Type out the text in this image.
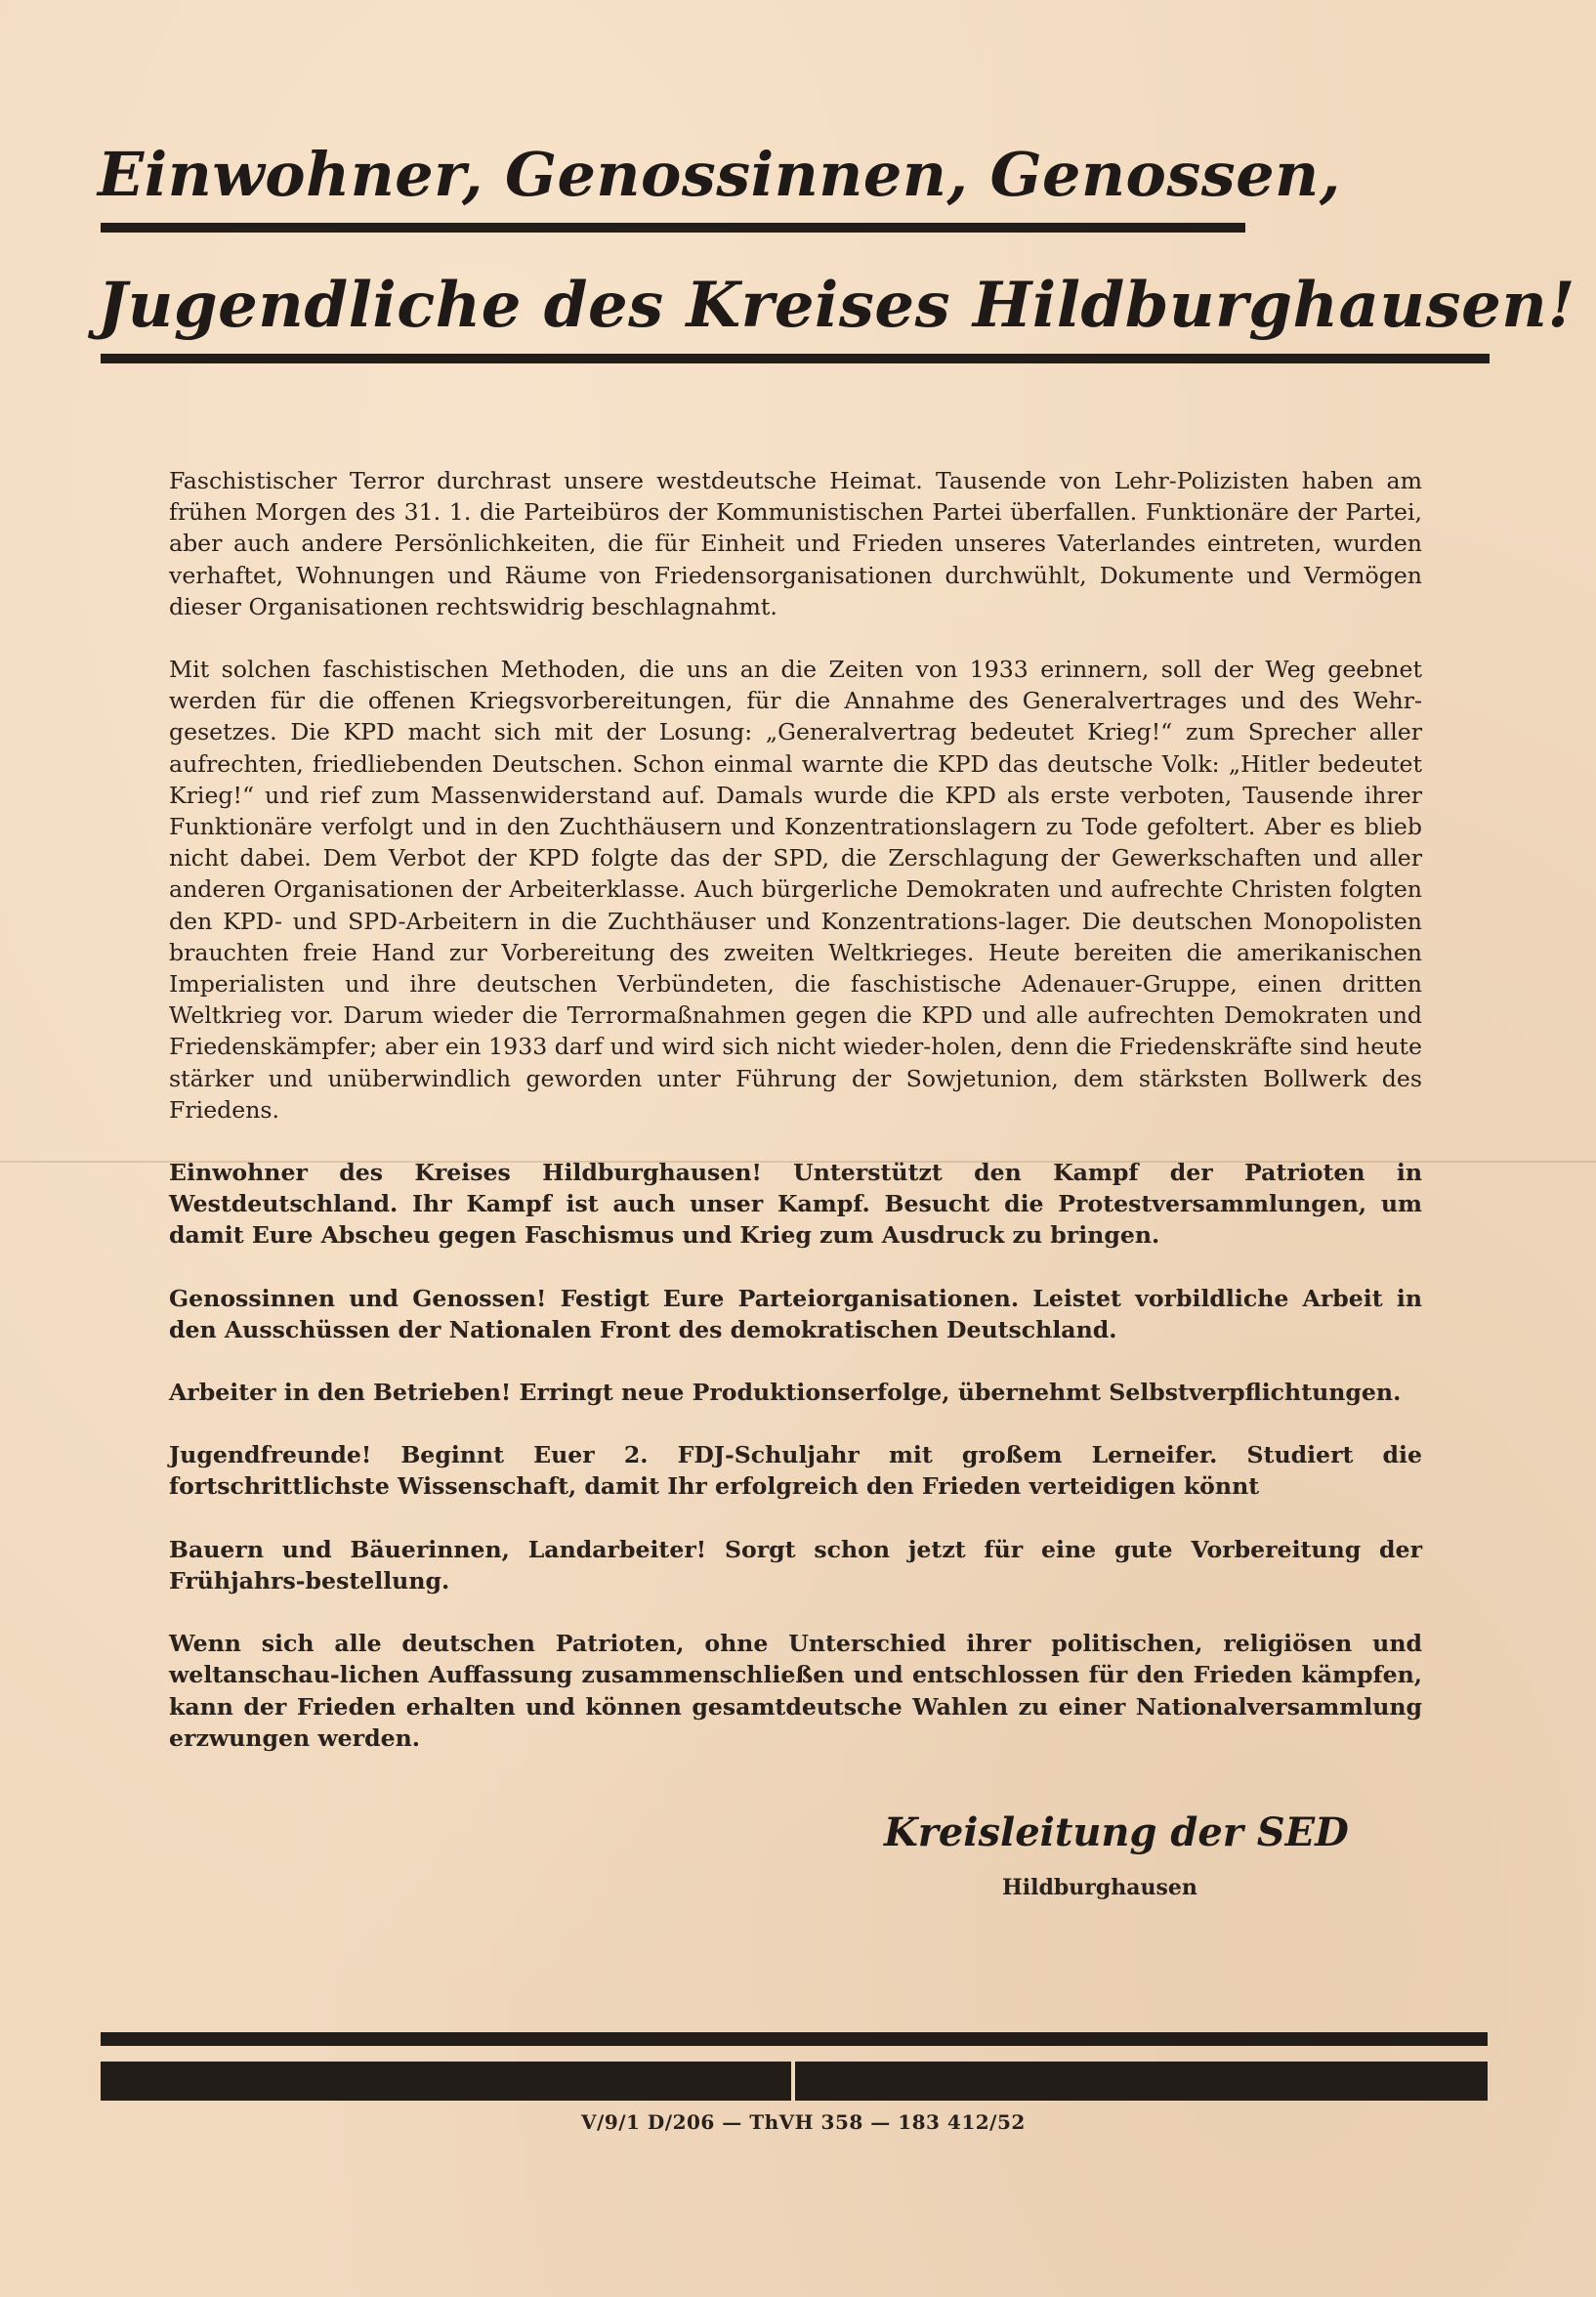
Einwohner, Genossinnen, Genossen,
Jugendliche des Kreises Hildburghausen!

Faschistischer Terror durchrast unsere westdeutsche Heimat. Tausende von Lehr-Polizisten haben am frühen Morgen des 31. 1. die Parteibüros der Kommunistischen Partei überfallen. Funktionäre der Partei, aber auch andere Persönlichkeiten, die für Einheit und Frieden unseres Vaterlandes eintreten, wurden verhaftet, Wohnungen und Räume von Friedensorganisationen durchwühlt, Dokumente und Vermögen dieser Organisationen rechtswidrig beschlagnahmt.

Mit solchen faschistischen Methoden, die uns an die Zeiten von 1933 erinnern, soll der Weg geebnet werden für die offenen Kriegsvorbereitungen, für die Annahme des Generalvertrages und des Wehr-gesetzes. Die KPD macht sich mit der Losung: „Generalvertrag bedeutet Krieg!“ zum Sprecher aller aufrechten, friedliebenden Deutschen. Schon einmal warnte die KPD das deutsche Volk: „Hitler bedeutet Krieg!“ und rief zum Massenwiderstand auf. Damals wurde die KPD als erste verboten, Tausende ihrer Funktionäre verfolgt und in den Zuchthäusern und Konzentrationslagern zu Tode gefoltert. Aber es blieb nicht dabei. Dem Verbot der KPD folgte das der SPD, die Zerschlagung der Gewerkschaften und aller anderen Organisationen der Arbeiterklasse. Auch bürgerliche Demokraten und aufrechte Christen folgten den KPD- und SPD-Arbeitern in die Zuchthäuser und Konzentrations-lager. Die deutschen Monopolisten brauchten freie Hand zur Vorbereitung des zweiten Weltkrieges. Heute bereiten die amerikanischen Imperialisten und ihre deutschen Verbündeten, die faschistische Adenauer-Gruppe, einen dritten Weltkrieg vor. Darum wieder die Terrormaßnahmen gegen die KPD und alle aufrechten Demokraten und Friedenskämpfer; aber ein 1933 darf und wird sich nicht wieder-holen, denn die Friedenskräfte sind heute stärker und unüberwindlich geworden unter Führung der Sowjetunion, dem stärksten Bollwerk des Friedens.

Einwohner des Kreises Hildburghausen! Unterstützt den Kampf der Patrioten in Westdeutschland. Ihr Kampf ist auch unser Kampf. Besucht die Protestversammlungen, um damit Eure Abscheu gegen Faschismus und Krieg zum Ausdruck zu bringen.

Genossinnen und Genossen! Festigt Eure Parteiorganisationen. Leistet vorbildliche Arbeit in den Ausschüssen der Nationalen Front des demokratischen Deutschland.

Arbeiter in den Betrieben! Erringt neue Produktionserfolge, übernehmt Selbstverpflichtungen.

Jugendfreunde! Beginnt Euer 2. FDJ-Schuljahr mit großem Lerneifer. Studiert die fortschrittlichste Wissenschaft, damit Ihr erfolgreich den Frieden verteidigen könnt

Bauern und Bäuerinnen, Landarbeiter! Sorgt schon jetzt für eine gute Vorbereitung der Frühjahrs-bestellung.

Wenn sich alle deutschen Patrioten, ohne Unterschied ihrer politischen, religiösen und weltanschau-lichen Auffassung zusammenschließen und entschlossen für den Frieden kämpfen, kann der Frieden erhalten und können gesamtdeutsche Wahlen zu einer Nationalversammlung erzwungen werden.

Kreisleitung der SED
Hildburghausen
V/9/1 D/206 — ThVH 358 — 183 412/52
